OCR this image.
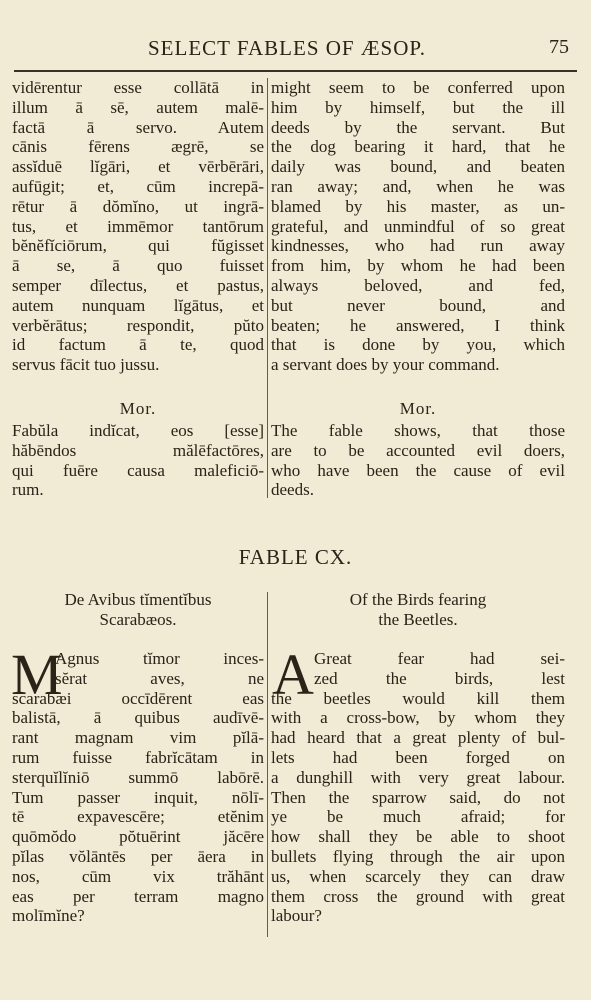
SELECT FABLES OF ÆSOP.	75
vidērentur esse collātā in
illum ā sē, autem malē-
factā ā servo. Autem
cānis fērens ægrē, se
assĭduē lĭgāri, et vērbērāri,
aufūgit; et, cūm increpā-
rētur ā dŏmĭno, ut ingrā-
tus, et immēmor tantōrum
bĕnĕfĭciōrum, qui fŭgisset
ā se, ā quo fuisset
semper dīlectus, et pastus,
autem nunquam lĭgātus, et
verbĕrātus; respondit, pŭto
id factum ā te, quod
servus fācit tuo jussu.
might seem to be conferred upon
him by himself, but the ill
deeds by the servant. But
the dog bearing it hard, that he
daily was bound, and beaten
ran away; and, when he was
blamed by his master, as un-
grateful, and unmindful of so great
kindnesses, who had run away
from him, by whom he had been
always beloved, and fed,
but never bound, and
beaten; he answered, I think
that is done by you, which
a servant does by your command.
Mor.	Mor.
Fabŭla indĭcat, eos [esse]
hăbēndos mălēfactōres,
qui fuēre causa maleficiō-
rum.
The fable shows, that those
are to be accounted evil doers,
who have been the cause of evil
deeds.
FABLE CX.
De Avibus tĭmentĭbus
Scarabæos.
Of the Birds fearing
the Beetles.
M	A
Agnus tĭmor inces-
sĕrat aves, ne
scarabæi occīdērent eas
balistā, ā quibus audīvē-
rant magnam vim pĭlā-
rum fuisse fabrĭcātam in
sterquĭlĭniō summō labōrē.
Tum passer inquit, nōlī-
tē expavescēre; etĕnim
quōmŏdo pŏtuērint jăcēre
pĭlas vŏlāntēs per āera in
nos, cūm vix trăhānt
eas per terram magno
molīmĭne?
Great fear had sei-
zed the birds, lest
the beetles would kill them
with a cross-bow, by whom they
had heard that a great plenty of bul-
lets had been forged on
a dunghill with very great labour.
Then the sparrow said, do not
ye be much afraid; for
how shall they be able to shoot
bullets flying through the air upon
us, when scarcely they can draw
them cross the ground with great
labour?
